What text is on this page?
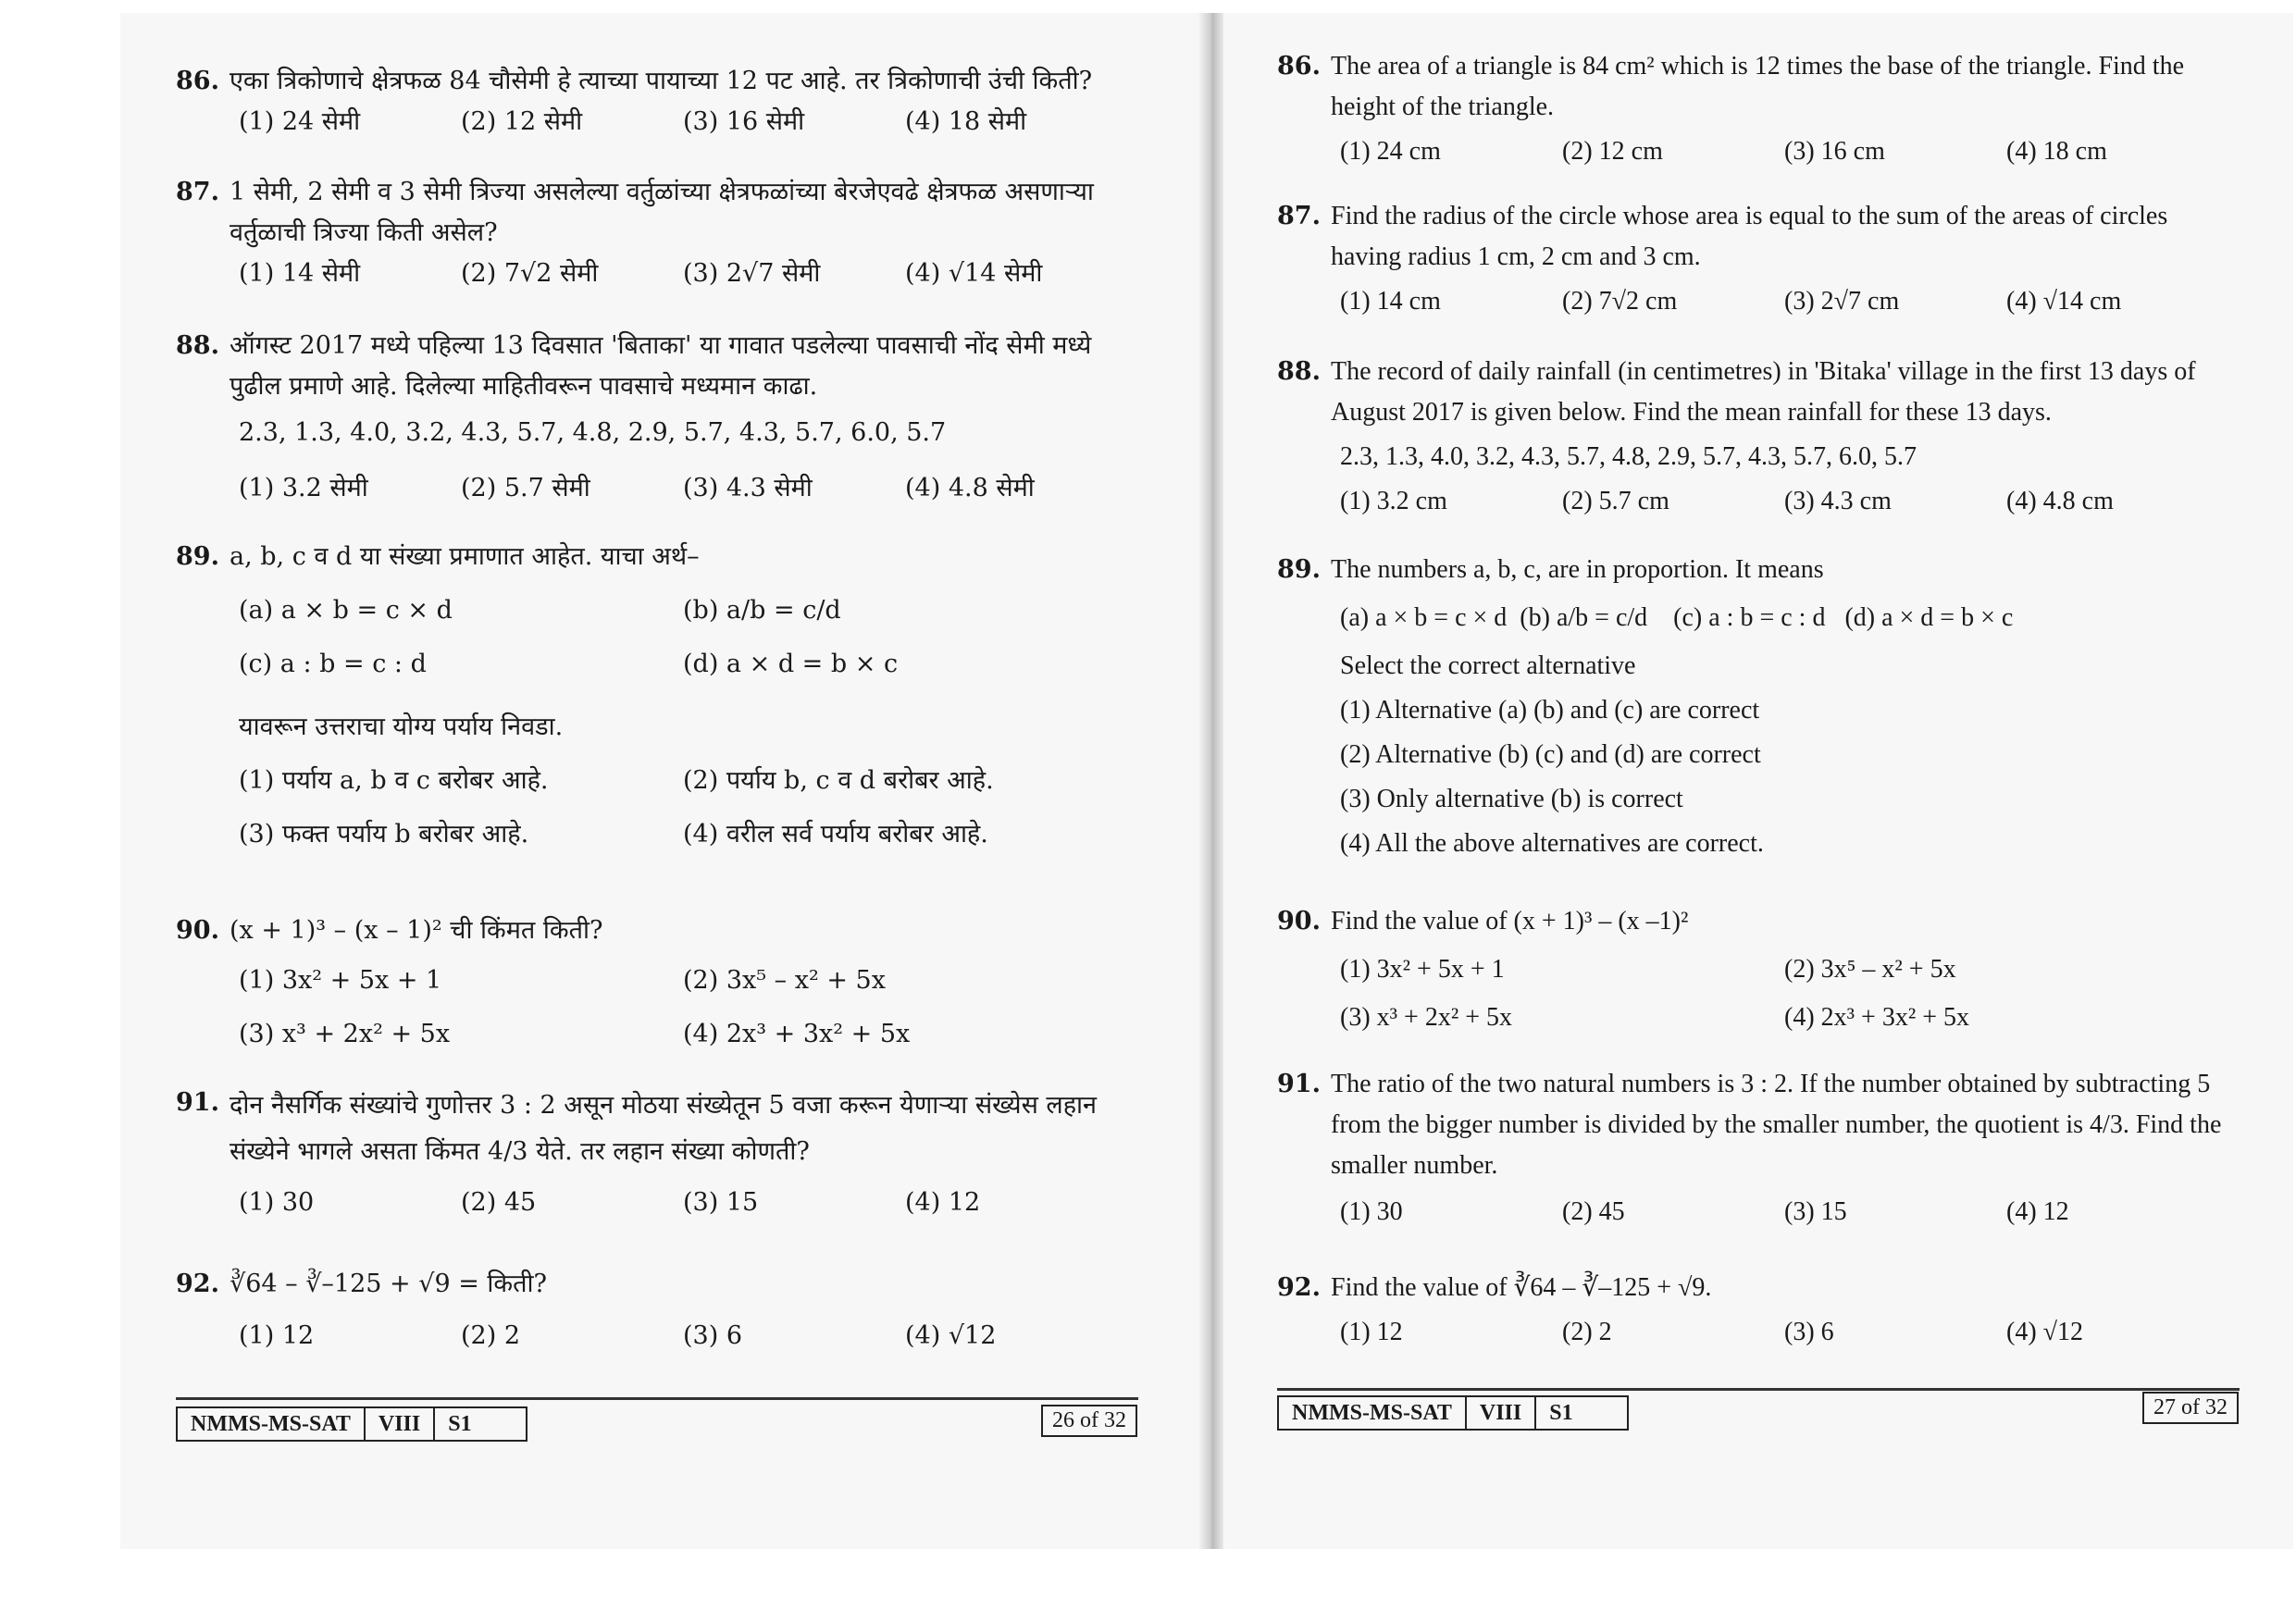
86. एका त्रिकोणाचे क्षेत्रफळ 84 चौसेमी हे त्याच्या पायाच्या 12 पट आहे. तर त्रिकोणाची उंची किती?
(1) 24 सेमी	(2) 12 सेमी	(3) 16 सेमी	(4) 18 सेमी
87. 1 सेमी, 2 सेमी व 3 सेमी त्रिज्या असलेल्या वर्तुळांच्या क्षेत्रफळांच्या बेरजेएवढे क्षेत्रफळ असणाऱ्या वर्तुळाची त्रिज्या किती असेल?
(1) 14 सेमी	(2) 7√2 सेमी	(3) 2√7 सेमी	(4) √14 सेमी
88. ऑगस्ट 2017 मध्ये पहिल्या 13 दिवसात 'बिताका' या गावात पडलेल्या पावसाची नोंद सेमी मध्ये पुढील प्रमाणे आहे. दिलेल्या माहितीवरून पावसाचे मध्यमान काढा.
2.3, 1.3, 4.0, 3.2, 4.3, 5.7, 4.8, 2.9, 5.7, 4.3, 5.7, 6.0, 5.7
(1) 3.2 सेमी	(2) 5.7 सेमी	(3) 4.3 सेमी	(4) 4.8 सेमी
89. a, b, c व d या संख्या प्रमाणात आहेत. याचा अर्थ–
(a) a × b = c × d	(b) a/b = c/d
(c) a : b = c : d	(d) a × d = b × c
यावरून उत्तराचा योग्य पर्याय निवडा.
(1) पर्याय a, b व c बरोबर आहे.	(2) पर्याय b, c व d बरोबर आहे.
(3) फक्त पर्याय b बरोबर आहे.	(4) वरील सर्व पर्याय बरोबर आहे.
90. (x + 1)³ – (x – 1)² ची किंमत किती?
(1) 3x² + 5x + 1	(2) 3x⁵ – x² + 5x
(3) x³ + 2x² + 5x	(4) 2x³ + 3x² + 5x
91. दोन नैसर्गिक संख्यांचे गुणोत्तर 3 : 2 असून मोठया संख्येतून 5 वजा करून येणाऱ्या संख्येस लहान संख्येने भागले असता किंमत 4/3 येते. तर लहान संख्या कोणती?
(1) 30	(2) 45	(3) 15	(4) 12
92. ∛64 – ∛–125 + √9 = किती?
(1) 12	(2) 2	(3) 6	(4) √12
NMMS-MS-SAT	VIII	S1	26 of 32
86. The area of a triangle is 84 cm² which is 12 times the base of the triangle. Find the height of the triangle.
(1) 24 cm	(2) 12 cm	(3) 16 cm	(4) 18 cm
87. Find the radius of the circle whose area is equal to the sum of the areas of circles having radius 1 cm, 2 cm and 3 cm.
(1) 14 cm	(2) 7√2 cm	(3) 2√7 cm	(4) √14 cm
88. The record of daily rainfall (in centimetres) in 'Bitaka' village in the first 13 days of August 2017 is given below. Find the mean rainfall for these 13 days.
2.3, 1.3, 4.0, 3.2, 4.3, 5.7, 4.8, 2.9, 5.7, 4.3, 5.7, 6.0, 5.7
(1) 3.2 cm	(2) 5.7 cm	(3) 4.3 cm	(4) 4.8 cm
89. The numbers a, b, c, are in proportion. It means
(a) a × b = c × d  (b) a/b = c/d    (c) a : b = c : d   (d) a × d = b × c
Select the correct alternative
(1) Alternative (a) (b) and (c) are correct
(2) Alternative (b) (c) and (d) are correct
(3) Only alternative (b) is correct
(4) All the above alternatives are correct.
90. Find the value of (x + 1)³ – (x –1)²
(1) 3x² + 5x + 1	(2) 3x⁵ – x² + 5x
(3) x³ + 2x² + 5x	(4) 2x³ + 3x² + 5x
91. The ratio of the two natural numbers is 3 : 2. If the number obtained by subtracting 5 from the bigger number is divided by the smaller number, the quotient is 4/3. Find the smaller number.
(1) 30	(2) 45	(3) 15	(4) 12
92. Find the value of ∛64 – ∛–125 + √9.
(1) 12	(2) 2	(3) 6	(4) √12
NMMS-MS-SAT	VIII	S1	27 of 32
